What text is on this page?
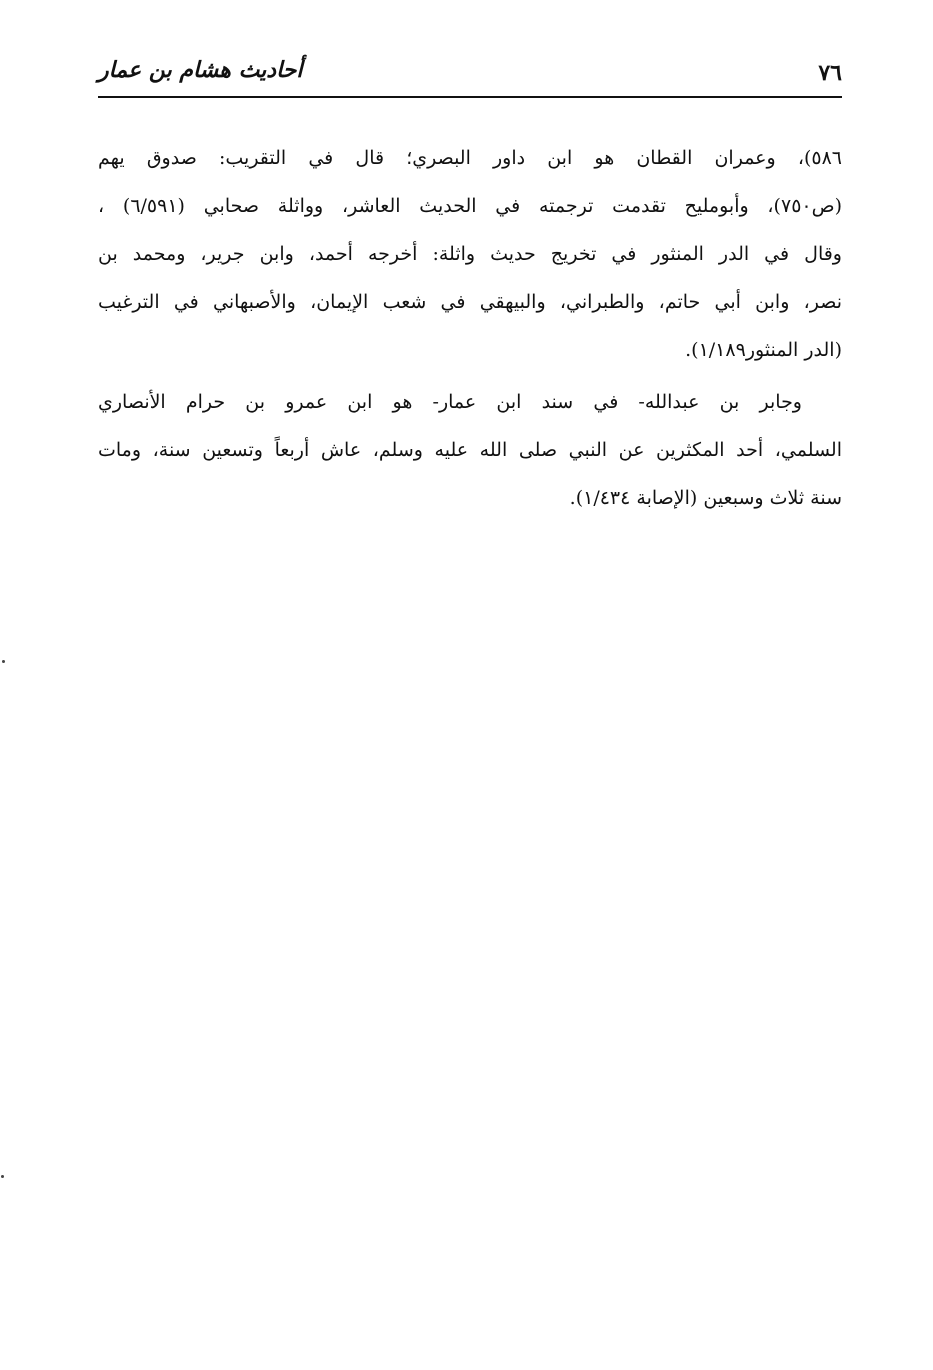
٧٦
أحاديث هشام بن عمار
٥٨٦)، وعمران القطان هو ابن داور البصري؛ قال في التقريب: صدوق يهم
(ص٧٥٠)، وأبومليح تقدمت ترجمته في الحديث العاشر، وواثلة صحابي (٦/٥٩١) ،
وقال في الدر المنثور في تخريج حديث واثلة: أخرجه أحمد، وابن جرير، ومحمد بن
نصر، وابن أبي حاتم، والطبراني، والبيهقي في شعب الإيمان، والأصبهاني في الترغيب
(الدر المنثور١/١٨٩).
وجابر بن عبدالله- في سند ابن عمار- هو ابن عمرو بن حرام الأنصاري
السلمي، أحد المكثرين عن النبي صلى الله عليه وسلم، عاش أربعاً وتسعين سنة، ومات
سنة ثلاث وسبعين (الإصابة ١/٤٣٤).
